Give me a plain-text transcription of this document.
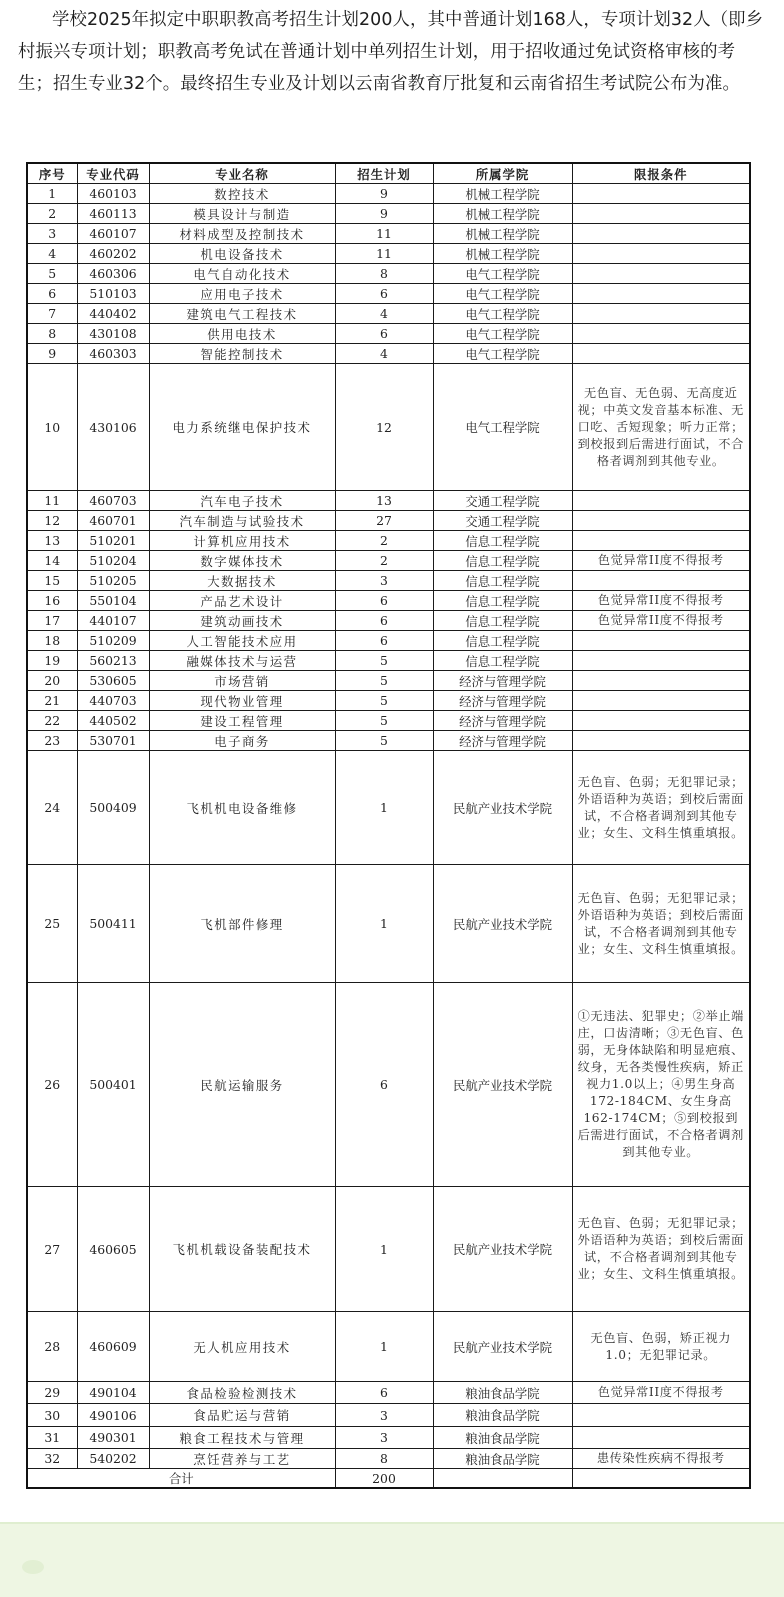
学校2025年拟定中职职教高考招生计划200人，其中普通计划168人，专项计划32人（即乡村振兴专项计划；职教高考免试在普通计划中单列招生计划，用于招收通过免试资格审核的考生；招生专业32个。最终招生专业及计划以云南省教育厅批复和云南省招生考试院公布为准。

序号	专业代码	专业名称	招生计划	所属学院	限报条件
1	460103	数控技术	9	机械工程学院	
2	460113	模具设计与制造	9	机械工程学院	
3	460107	材料成型及控制技术	11	机械工程学院	
4	460202	机电设备技术	11	机械工程学院	
5	460306	电气自动化技术	8	电气工程学院	
6	510103	应用电子技术	6	电气工程学院	
7	440402	建筑电气工程技术	4	电气工程学院	
8	430108	供用电技术	6	电气工程学院	
9	460303	智能控制技术	4	电气工程学院	
10	430106	电力系统继电保护技术	12	电气工程学院	无色盲、无色弱、无高度近视；中英文发音基本标准、无口吃、舌短现象；听力正常；到校报到后需进行面试，不合格者调剂到其他专业。
11	460703	汽车电子技术	13	交通工程学院	
12	460701	汽车制造与试验技术	27	交通工程学院	
13	510201	计算机应用技术	2	信息工程学院	
14	510204	数字媒体技术	2	信息工程学院	色觉异常II度不得报考
15	510205	大数据技术	3	信息工程学院	
16	550104	产品艺术设计	6	信息工程学院	色觉异常II度不得报考
17	440107	建筑动画技术	6	信息工程学院	色觉异常II度不得报考
18	510209	人工智能技术应用	6	信息工程学院	
19	560213	融媒体技术与运营	5	信息工程学院	
20	530605	市场营销	5	经济与管理学院	
21	440703	现代物业管理	5	经济与管理学院	
22	440502	建设工程管理	5	经济与管理学院	
23	530701	电子商务	5	经济与管理学院	
24	500409	飞机机电设备维修	1	民航产业技术学院	无色盲、色弱；无犯罪记录；外语语种为英语；到校后需面试，不合格者调剂到其他专业；女生、文科生慎重填报。
25	500411	飞机部件修理	1	民航产业技术学院	无色盲、色弱；无犯罪记录；外语语种为英语；到校后需面试，不合格者调剂到其他专业；女生、文科生慎重填报。
26	500401	民航运输服务	6	民航产业技术学院	①无违法、犯罪史；②举止端庄，口齿清晰；③无色盲、色弱，无身体缺陷和明显疤痕、纹身，无各类慢性疾病，矫正视力1.0以上；④男生身高172-184CM、女生身高162-174CM；⑤到校报到后需进行面试，不合格者调剂到其他专业。
27	460605	飞机机载设备装配技术	1	民航产业技术学院	无色盲、色弱；无犯罪记录；外语语种为英语；到校后需面试，不合格者调剂到其他专业；女生、文科生慎重填报。
28	460609	无人机应用技术	1	民航产业技术学院	无色盲、色弱，矫正视力1.0；无犯罪记录。
29	490104	食品检验检测技术	6	粮油食品学院	色觉异常II度不得报考
30	490106	食品贮运与营销	3	粮油食品学院	
31	490301	粮食工程技术与管理	3	粮油食品学院	
32	540202	烹饪营养与工艺	8	粮油食品学院	患传染性疾病不得报考
合计			200		
